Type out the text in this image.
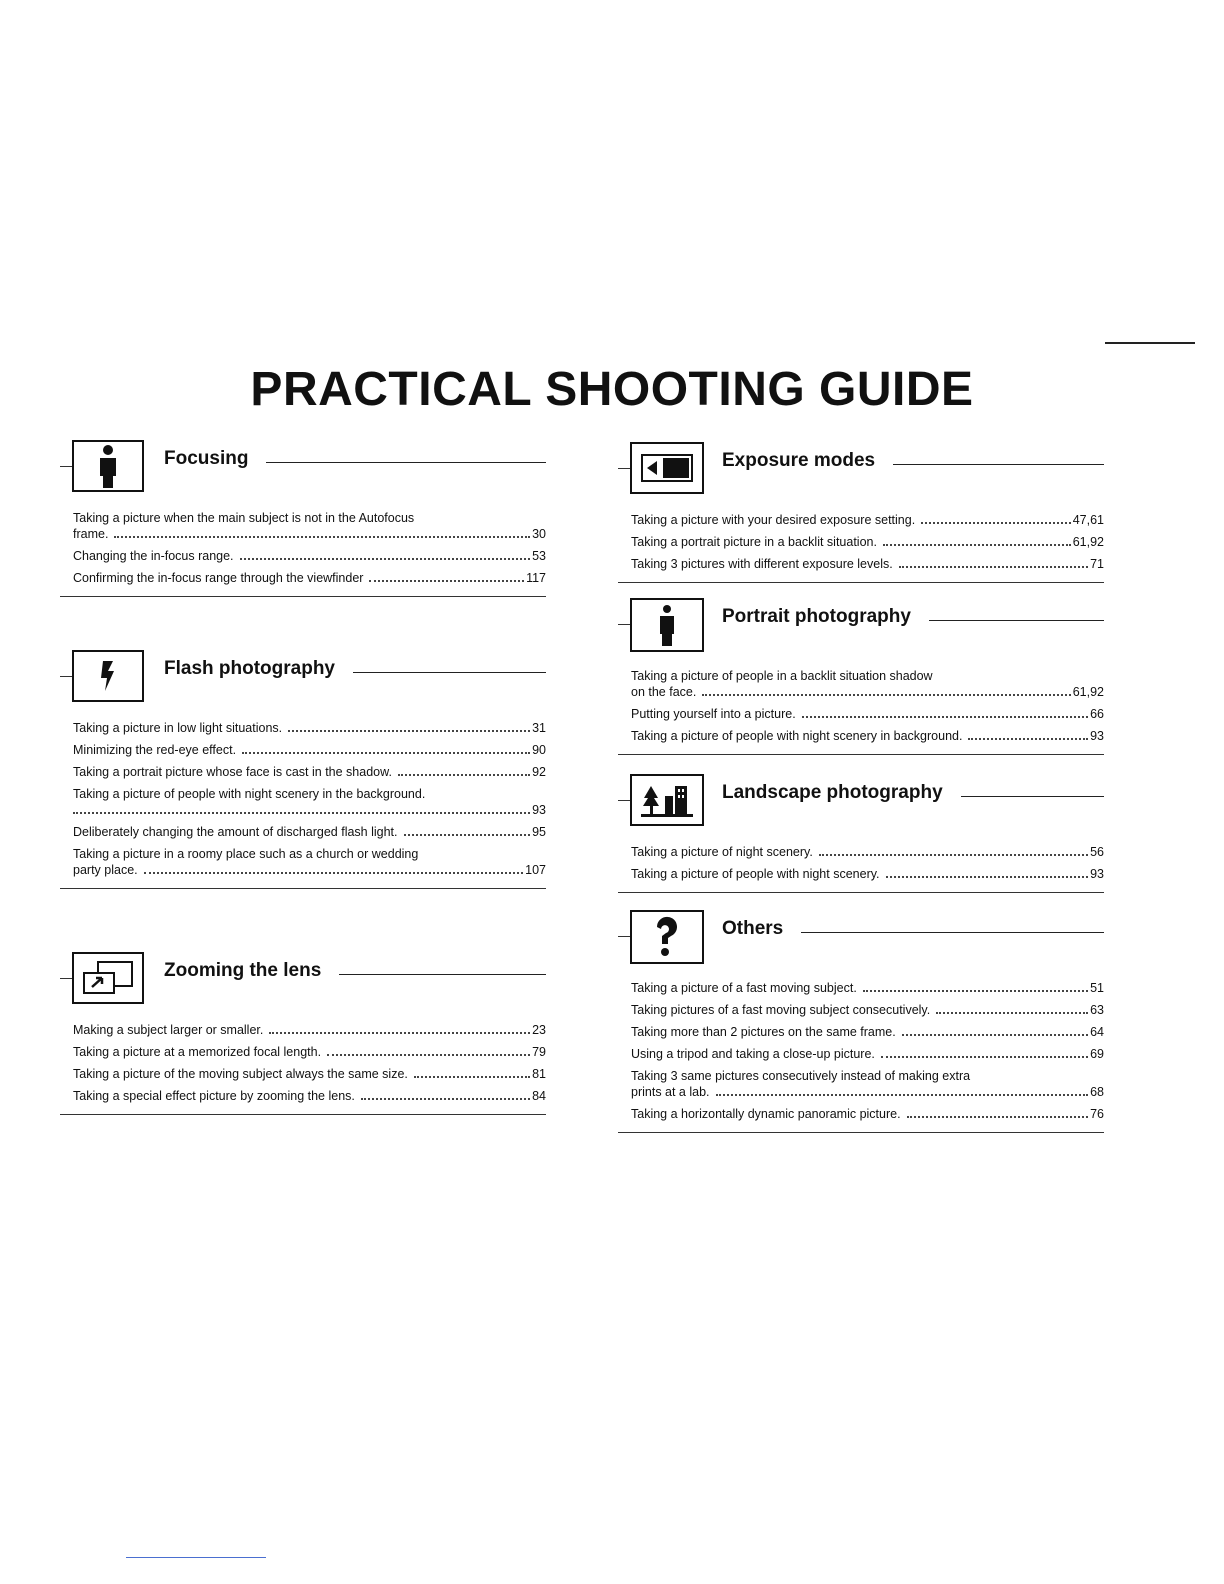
PRACTICAL SHOOTING GUIDE
Focusing
Taking a picture when the main subject is not in the Autofocus
frame.	30
Changing the in-focus range.	53
Confirming the in-focus range through the viewfinder	117
Flash photography
Taking a picture in low light situations.	31
Minimizing the red-eye effect.	90
Taking a portrait picture whose face is cast in the shadow.	92
Taking a picture of people with night scenery in the background.
93
Deliberately changing the amount of discharged flash light.	95
Taking a picture in a roomy place such as a church or wedding
party place.	107
Zooming the lens
Making a subject larger or smaller.	23
Taking a picture at a memorized focal length.	79
Taking a picture of the moving subject always the same size.	81
Taking a special effect picture by zooming the lens.	84
Exposure modes
Taking a picture with your desired exposure setting.	47,61
Taking a portrait picture in a backlit situation.	61,92
Taking 3 pictures with different exposure levels.	71
Portrait photography
Taking a picture of people in a backlit situation shadow
on the face.	61,92
Putting yourself into a picture.	66
Taking a picture of people with night scenery in background.	93
Landscape photography
Taking a picture of night scenery.	56
Taking a picture of people with night scenery.	93
Others
Taking a picture of a fast moving subject.	51
Taking pictures of a fast moving subject consecutively.	63
Taking more than 2 pictures on the same frame.	64
Using a tripod and taking a close-up picture.	69
Taking 3 same pictures consecutively instead of making extra
prints at a lab.	68
Taking a horizontally dynamic panoramic picture.	76
